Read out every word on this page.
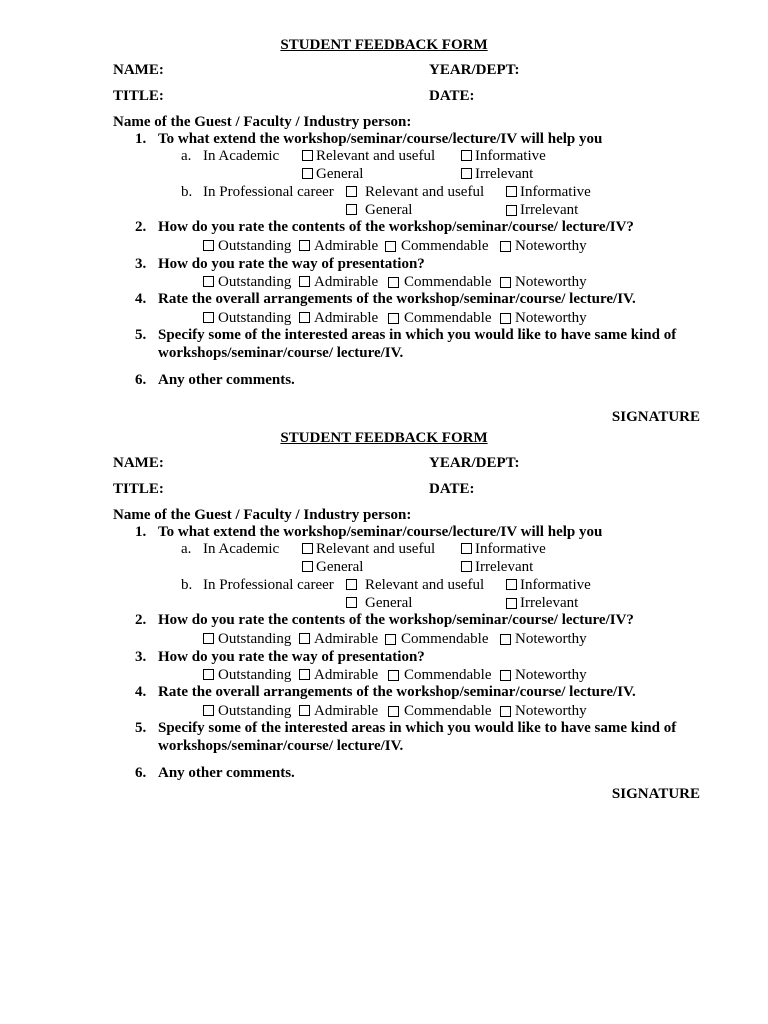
STUDENT FEEDBACK FORM
NAME:	YEAR/DEPT:
TITLE:	DATE:
Name of the Guest / Faculty / Industry person:
1. To what extend the workshop/seminar/course/lecture/IV will help you
a. In Academic Relevant and useful	Informative
General	Irrelevant
b. In Professional career Relevant and useful Informative
General	Irrelevant
2. How do you rate the contents of the workshop/seminar/course/ lecture/IV?
Outstanding Admirable Commendable Noteworthy
3. How do you rate the way of presentation?
Outstanding Admirable Commendable Noteworthy
4. Rate the overall arrangements of the workshop/seminar/course/ lecture/IV.
Outstanding Admirable Commendable Noteworthy
5. Specify some of the interested areas in which you would like to have same kind of
workshops/seminar/course/ lecture/IV.
6. Any other comments.
SIGNATURE
STUDENT FEEDBACK FORM
NAME:	YEAR/DEPT:
TITLE:	DATE:
Name of the Guest / Faculty / Industry person:
1. To what extend the workshop/seminar/course/lecture/IV will help you
a. In Academic Relevant and useful	Informative
General	Irrelevant
b. In Professional career Relevant and useful Informative
General	Irrelevant
2. How do you rate the contents of the workshop/seminar/course/ lecture/IV?
Outstanding Admirable Commendable Noteworthy
3. How do you rate the way of presentation?
Outstanding Admirable Commendable Noteworthy
4. Rate the overall arrangements of the workshop/seminar/course/ lecture/IV.
Outstanding Admirable Commendable Noteworthy
5. Specify some of the interested areas in which you would like to have same kind of
workshops/seminar/course/ lecture/IV.
6. Any other comments.
SIGNATURE
